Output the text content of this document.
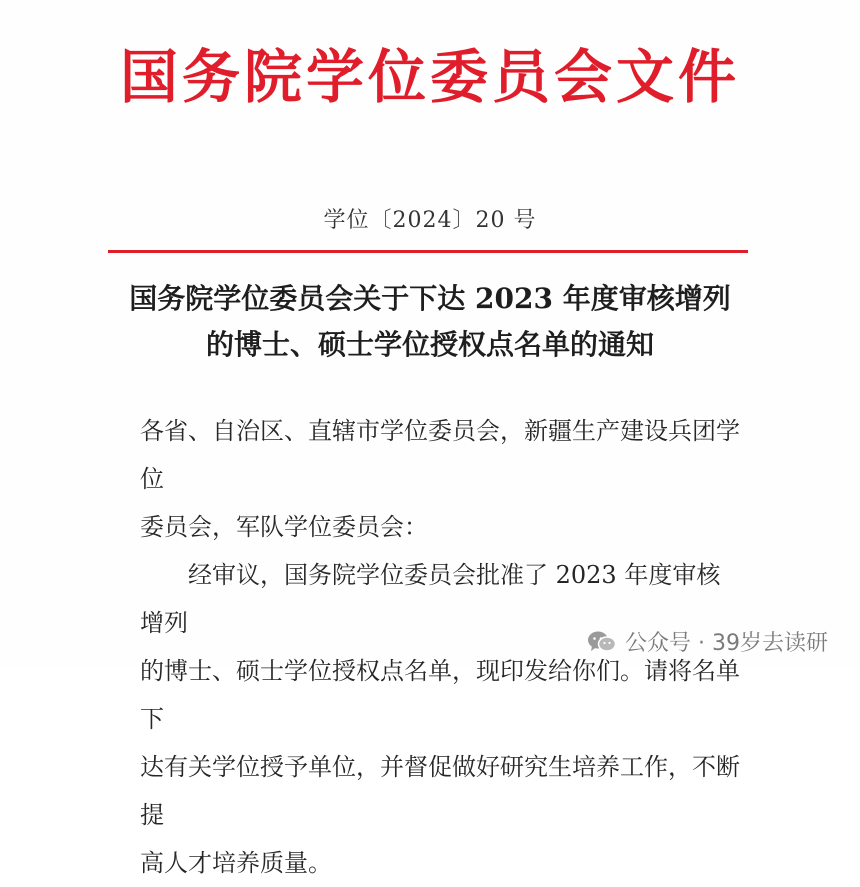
国务院学位委员会文件
学位〔2024〕20 号
国务院学位委员会关于下达 2023 年度审核增列
的博士、硕士学位授权点名单的通知

各省、自治区、直辖市学位委员会，新疆生产建设兵团学位

委员会，军队学位委员会：

经审议，国务院学位委员会批准了 2023 年度审核增列

的博士、硕士学位授权点名单，现印发给你们。请将名单下

达有关学位授予单位，并督促做好研究生培养工作，不断提

高人才培养质量。

公众号 · 39岁去读研
